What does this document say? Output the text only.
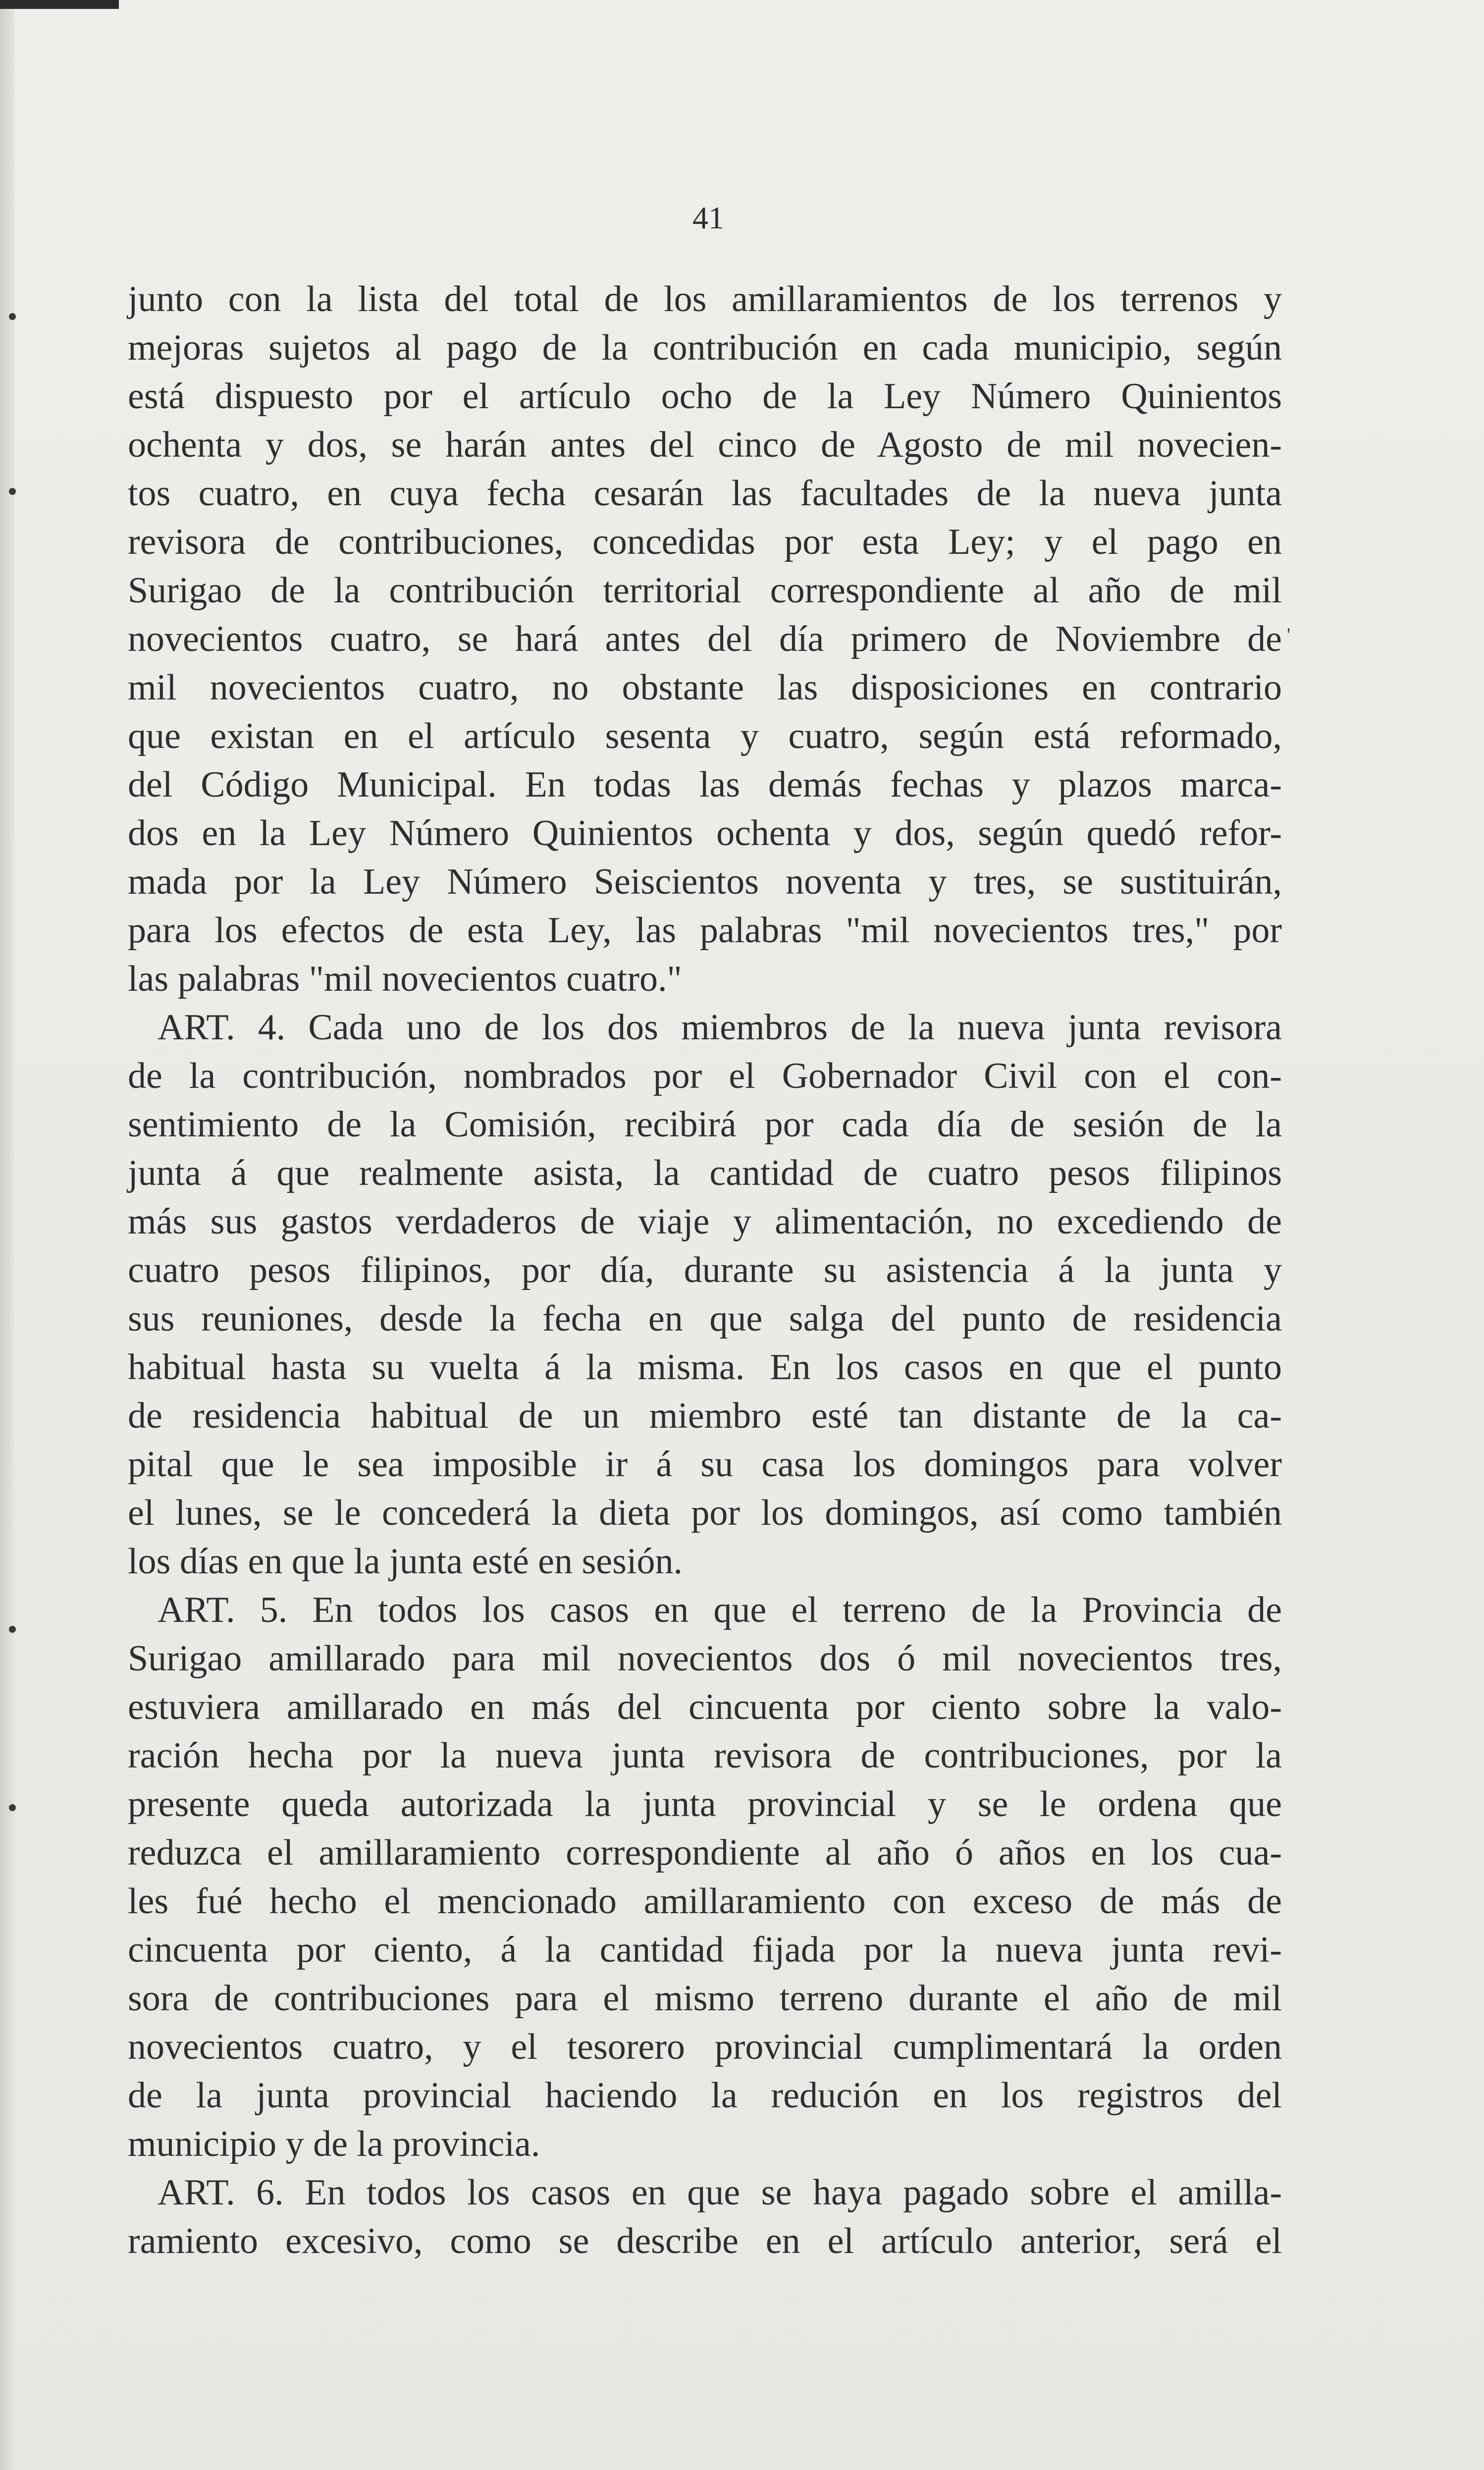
41
junto con la lista del total de los amillaramientos de los terrenos y
mejoras sujetos al pago de la contribución en cada municipio, según
está dispuesto por el artículo ocho de la Ley Número Quinientos
ochenta y dos, se harán antes del cinco de Agosto de mil novecien-
tos cuatro, en cuya fecha cesarán las facultades de la nueva junta
revisora de contribuciones, concedidas por esta Ley; y el pago en
Surigao de la contribución territorial correspondiente al año de mil
novecientos cuatro, se hará antes del día primero de Noviembre de
mil novecientos cuatro, no obstante las disposiciones en contrario
que existan en el artículo sesenta y cuatro, según está reformado,
del Código Municipal. En todas las demás fechas y plazos marca-
dos en la Ley Número Quinientos ochenta y dos, según quedó refor-
mada por la Ley Número Seiscientos noventa y tres, se sustituirán,
para los efectos de esta Ley, las palabras "mil novecientos tres," por
las palabras "mil novecientos cuatro."
ART. 4. Cada uno de los dos miembros de la nueva junta revisora
de la contribución, nombrados por el Gobernador Civil con el con-
sentimiento de la Comisión, recibirá por cada día de sesión de la
junta á que realmente asista, la cantidad de cuatro pesos filipinos
más sus gastos verdaderos de viaje y alimentación, no excediendo de
cuatro pesos filipinos, por día, durante su asistencia á la junta y
sus reuniones, desde la fecha en que salga del punto de residencia
habitual hasta su vuelta á la misma. En los casos en que el punto
de residencia habitual de un miembro esté tan distante de la ca-
pital que le sea imposible ir á su casa los domingos para volver
el lunes, se le concederá la dieta por los domingos, así como también
los días en que la junta esté en sesión.
ART. 5. En todos los casos en que el terreno de la Provincia de
Surigao amillarado para mil novecientos dos ó mil novecientos tres,
estuviera amillarado en más del cincuenta por ciento sobre la valo-
ración hecha por la nueva junta revisora de contribuciones, por la
presente queda autorizada la junta provincial y se le ordena que
reduzca el amillaramiento correspondiente al año ó años en los cua-
les fué hecho el mencionado amillaramiento con exceso de más de
cincuenta por ciento, á la cantidad fijada por la nueva junta revi-
sora de contribuciones para el mismo terreno durante el año de mil
novecientos cuatro, y el tesorero provincial cumplimentará la orden
de la junta provincial haciendo la redución en los registros del
municipio y de la provincia.
ART. 6. En todos los casos en que se haya pagado sobre el amilla-
ramiento excesivo, como se describe en el artículo anterior, será el
'
